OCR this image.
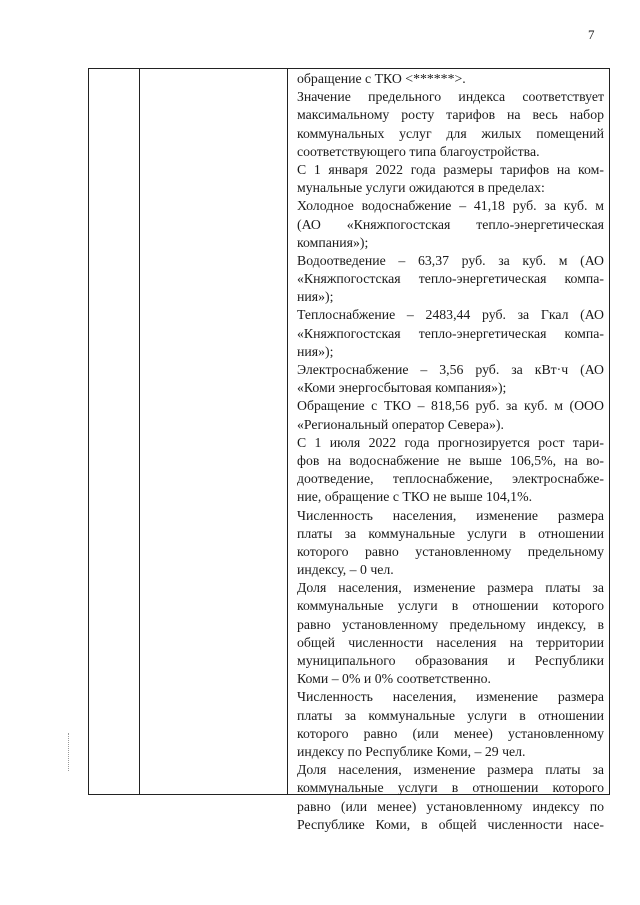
7
обращение с ТКО <******>.
Значение предельного индекса соответствует
максимальному росту тарифов на весь набор
коммунальных услуг для жилых помещений
соответствующего типа благоустройства.
С 1 января 2022 года размеры тарифов на ком-
мунальные услуги ожидаются в пределах:
Холодное водоснабжение – 41,18 руб. за куб. м
(АО «Княжпогостская тепло-энергетическая
компания»);
Водоотведение – 63,37 руб. за куб. м (АО
«Княжпогостская тепло-энергетическая компа-
ния»);
Теплоснабжение – 2483,44 руб. за Гкал (АО
«Княжпогостская тепло-энергетическая компа-
ния»);
Электроснабжение – 3,56 руб. за кВт·ч (АО
«Коми энергосбытовая компания»);
Обращение с ТКО – 818,56 руб. за куб. м (ООО
«Региональный оператор Севера»).
С 1 июля 2022 года прогнозируется рост тари-
фов на водоснабжение не выше 106,5%, на во-
доотведение, теплоснабжение, электроснабже-
ние, обращение с ТКО не выше 104,1%.
Численность населения, изменение размера
платы за коммунальные услуги в отношении
которого равно установленному предельному
индексу, – 0 чел.
Доля населения, изменение размера платы за
коммунальные услуги в отношении которого
равно установленному предельному индексу, в
общей численности населения на территории
муниципального образования и Республики
Коми – 0% и 0% соответственно.
Численность населения, изменение размера
платы за коммунальные услуги в отношении
которого равно (или менее) установленному
индексу по Республике Коми, – 29 чел.
Доля населения, изменение размера платы за
коммунальные услуги в отношении которого
равно (или менее) установленному индексу по
Республике Коми, в общей численности насе-
